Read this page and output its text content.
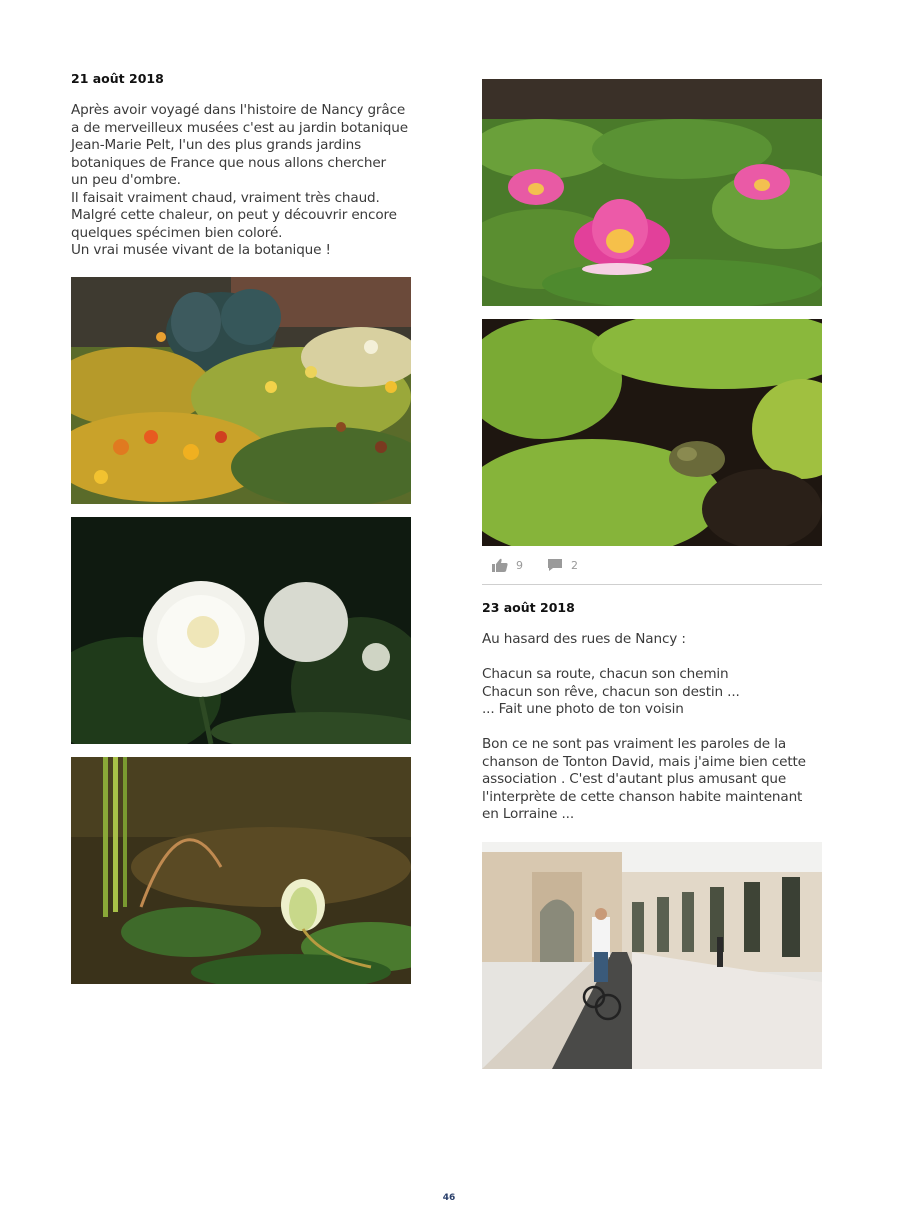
21 août 2018
Après avoir voyagé dans l'histoire de Nancy grâce
a de merveilleux musées c'est au jardin botanique
Jean-Marie Pelt, l'un des plus grands jardins
botaniques de France que nous allons chercher
un peu d'ombre.
Il faisait vraiment chaud, vraiment très chaud.
Malgré cette chaleur, on peut y découvrir encore
quelques spécimen bien coloré.
Un vrai musée vivant de la botanique !
9	2
23 août 2018
Au hasard des rues de Nancy :
Chacun sa route, chacun son chemin
Chacun son rêve, chacun son destin ...
... Fait une photo de ton voisin
Bon ce ne sont pas vraiment les paroles de la
chanson de Tonton David, mais j'aime bien cette
association . C'est d'autant plus amusant que
l'interprète de cette chanson habite maintenant
en Lorraine ...
46
